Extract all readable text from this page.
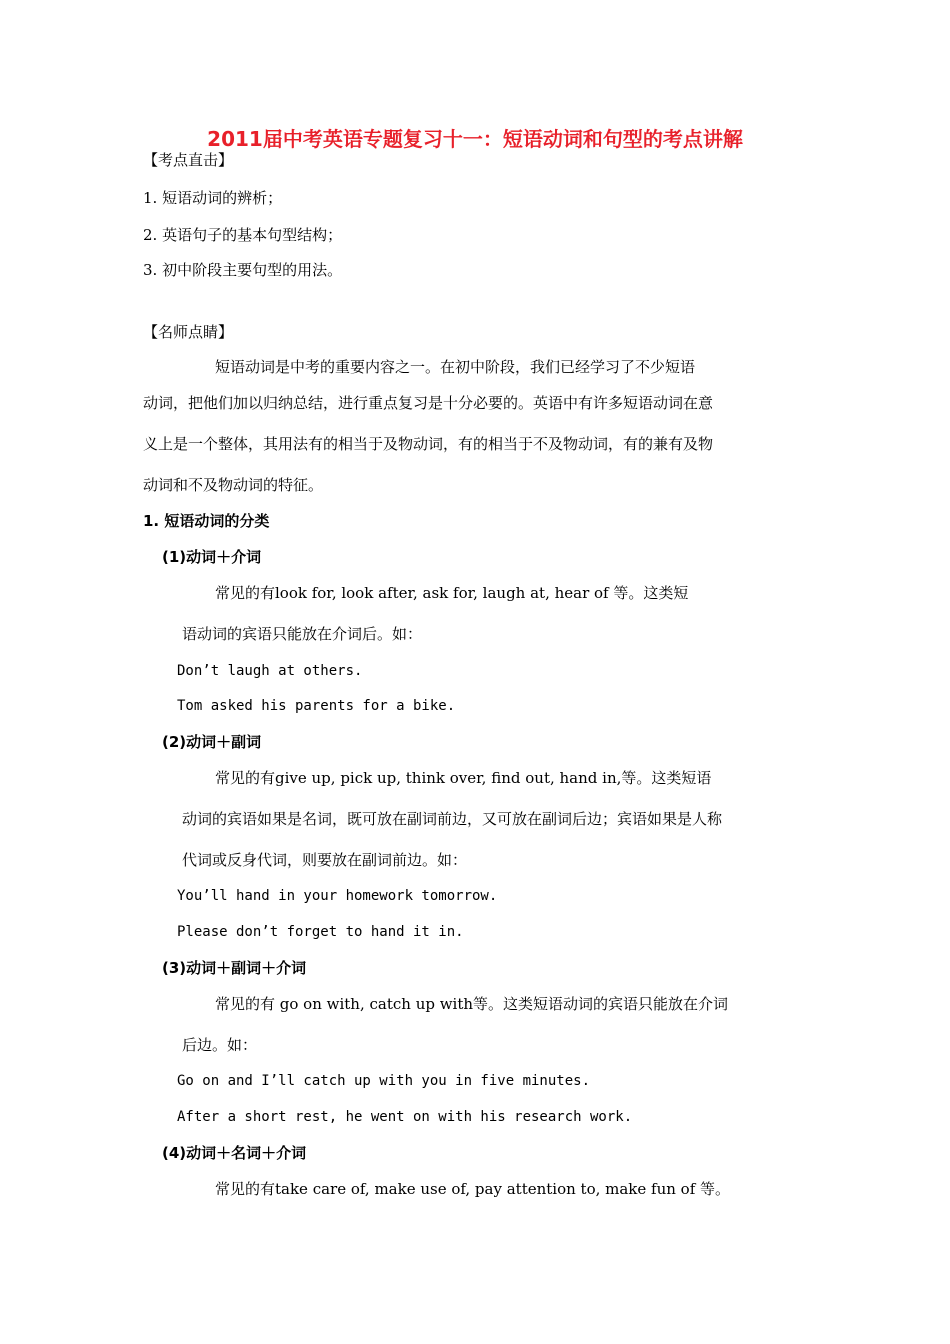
2011届中考英语专题复习十一：短语动词和句型的考点讲解
【考点直击】
1. 短语动词的辨析；
2. 英语句子的基本句型结构；
3. 初中阶段主要句型的用法。
【名师点睛】
短语动词是中考的重要内容之一。在初中阶段，我们已经学习了不少短语
动词，把他们加以归纳总结，进行重点复习是十分必要的。英语中有许多短语动词在意
义上是一个整体，其用法有的相当于及物动词，有的相当于不及物动词，有的兼有及物
动词和不及物动词的特征。
1. 短语动词的分类
(1)动词＋介词
常见的有look for, look after, ask for, laugh at, hear of 等。这类短
语动词的宾语只能放在介词后。如：
Don’t laugh at others.
Tom asked his parents for a bike.
(2)动词＋副词
常见的有give up, pick up, think over, find out, hand in,等。这类短语
动词的宾语如果是名词，既可放在副词前边，又可放在副词后边；宾语如果是人称
代词或反身代词，则要放在副词前边。如：
You’ll hand in your homework tomorrow.
Please don’t forget to hand it in.
(3)动词＋副词＋介词
常见的有 go on with, catch up with等。这类短语动词的宾语只能放在介词
后边。如：
Go on and I’ll catch up with you in five minutes.
After a short rest, he went on with his research work.
(4)动词＋名词＋介词
常见的有take care of, make use of, pay attention to, make fun of 等。
